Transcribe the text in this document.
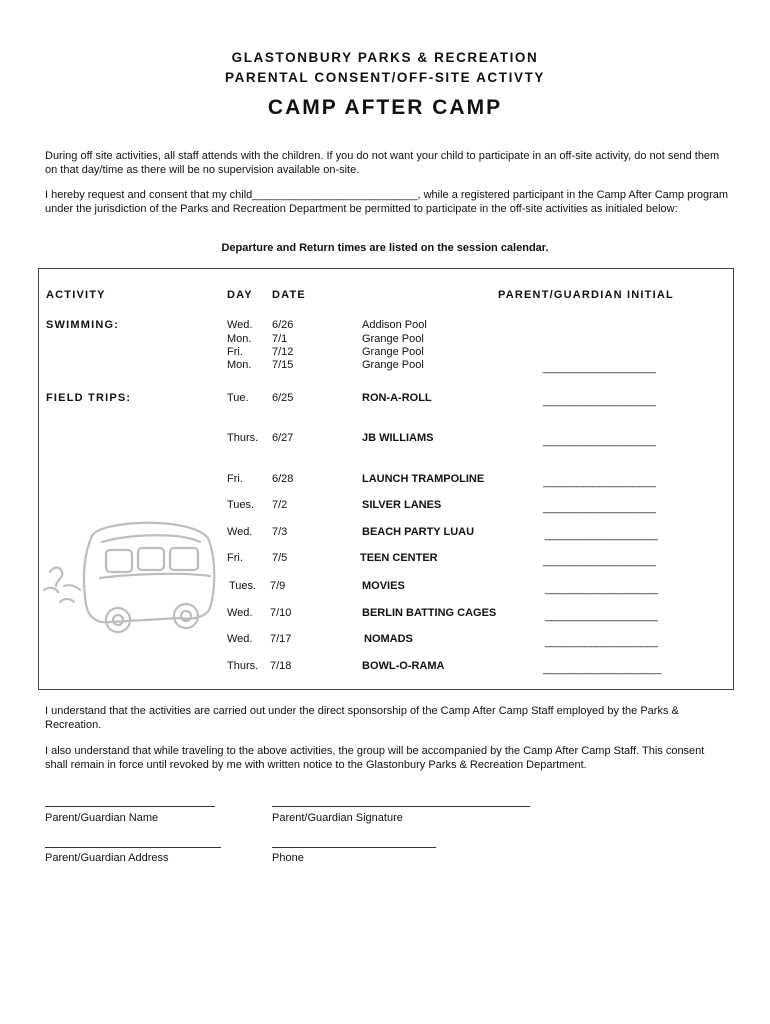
GLASTONBURY PARKS & RECREATION
PARENTAL CONSENT/OFF-SITE ACTIVTY
CAMP AFTER CAMP
During off site activities, all staff attends with the children. If you do not want your child to participate in an off-site activity, do not send them on that day/time as there will be no supervision available on-site.
I hereby request and consent that my child___________________________, while a registered participant in the Camp After Camp program under the jurisdiction of the Parks and Recreation Department be permitted to participate in the off-site activities as initialed below:
Departure and Return times are listed on the session calendar.
ACTIVITY	DAY DATE	PARENT/GUARDIAN INITIAL
SWIMMING:	Wed. 6/26	Addison Pool
Mon. 7/1	Grange Pool
Fri.	7/12	Grange Pool
Mon. 7/15	Grange Pool	____________________
FIELD TRIPS:	Tue. 6/25	RON-A-ROLL	____________________
Thurs. 6/27	JB WILLIAMS	____________________
Fri.	6/28	LAUNCH TRAMPOLINE	____________________
Tues. 7/2	SILVER LANES	____________________
Wed. 7/3	BEACH PARTY LUAU	____________________
Fri.	7/5	TEEN CENTER	____________________
Tues. 7/9	MOVIES	____________________
Wed. 7/10	BERLIN BATTING CAGES	____________________
Wed. 7/17	NOMADS	____________________
Thurs. 7/18	BOWL-O-RAMA	_____________________
I understand that the activities are carried out under the direct sponsorship of the Camp After Camp Staff employed by the Parks & Recreation.
I also understand that while traveling to the above activities, the group will be accompanied by the Camp After Camp Staff. This consent shall remain in force until revoked by me with written notice to the Glastonbury Parks & Recreation Department.
Parent/Guardian Name	Parent/Guardian Signature
Parent/Guardian Address	Phone
